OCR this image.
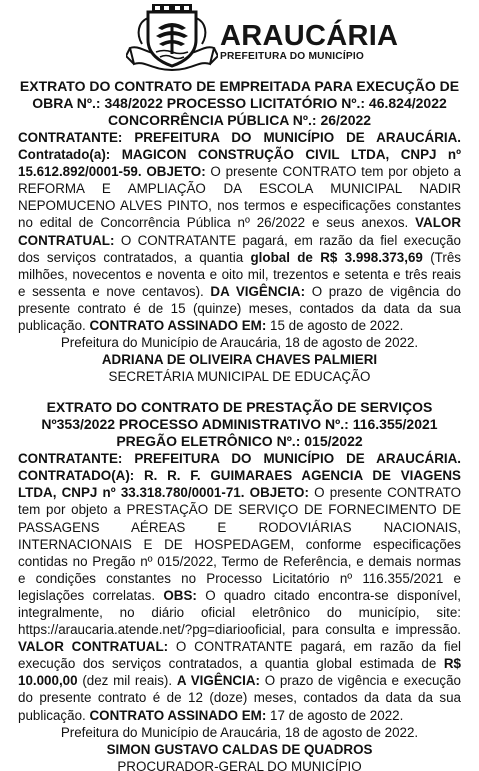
ARAUCÁRIA
PREFEITURA DO MUNICÍPIO
EXTRATO DO CONTRATO DE EMPREITADA PARA EXECUÇÃO DE OBRA Nº.: 348/2022 PROCESSO LICITATÓRIO Nº.: 46.824/2022 CONCORRÊNCIA PÚBLICA Nº.: 26/2022
CONTRATANTE: PREFEITURA DO MUNICÍPIO DE ARAUCÁRIA. Contratado(a): MAGICON CONSTRUÇÃO CIVIL LTDA, CNPJ nº 15.612.892/0001-59. OBJETO: O presente CONTRATO tem por objeto a REFORMA E AMPLIAÇÃO DA ESCOLA MUNICIPAL NADIR NEPOMUCENO ALVES PINTO, nos termos e especificações constantes no edital de Concorrência Pública nº 26/2022 e seus anexos. VALOR CONTRATUAL: O CONTRATANTE pagará, em razão da fiel execução dos serviços contratados, a quantia global de R$ 3.998.373,69 (Três milhões, novecentos e noventa e oito mil, trezentos e setenta e três reais e sessenta e nove centavos). DA VIGÊNCIA: O prazo de vigência do presente contrato é de 15 (quinze) meses, contados da data da sua publicação. CONTRATO ASSINADO EM: 15 de agosto de 2022.
Prefeitura do Município de Araucária, 18 de agosto de 2022.
ADRIANA DE OLIVEIRA CHAVES PALMIERI
SECRETÁRIA MUNICIPAL DE EDUCAÇÃO
EXTRATO DO CONTRATO DE PRESTAÇÃO DE SERVIÇOS Nº353/2022 PROCESSO ADMINISTRATIVO Nº.: 116.355/2021 PREGÃO ELETRÔNICO Nº.: 015/2022
CONTRATANTE: PREFEITURA DO MUNICÍPIO DE ARAUCÁRIA. CONTRATADO(A): R. R. F. GUIMARAES AGENCIA DE VIAGENS LTDA, CNPJ nº 33.318.780/0001-71. OBJETO: O presente CONTRATO tem por objeto a PRESTAÇÃO DE SERVIÇO DE FORNECIMENTO DE PASSAGENS AÉREAS E RODOVIÁRIAS NACIONAIS, INTERNACIONAIS E DE HOSPEDAGEM, conforme especificações contidas no Pregão nº 015/2022, Termo de Referência, e demais normas e condições constantes no Processo Licitatório nº 116.355/2021 e legislações correlatas. OBS: O quadro citado encontra-se disponível, integralmente, no diário oficial eletrônico do município, site: https://araucaria.atende.net/?pg=diariooficial, para consulta e impressão. VALOR CONTRATUAL: O CONTRATANTE pagará, em razão da fiel execução dos serviços contratados, a quantia global estimada de R$ 10.000,00 (dez mil reais). A VIGÊNCIA: O prazo de vigência e execução do presente contrato é de 12 (doze) meses, contados da data da sua publicação. CONTRATO ASSINADO EM: 17 de agosto de 2022.
Prefeitura do Município de Araucária, 18 de agosto de 2022.
SIMON GUSTAVO CALDAS DE QUADROS
PROCURADOR-GERAL DO MUNICÍPIO
